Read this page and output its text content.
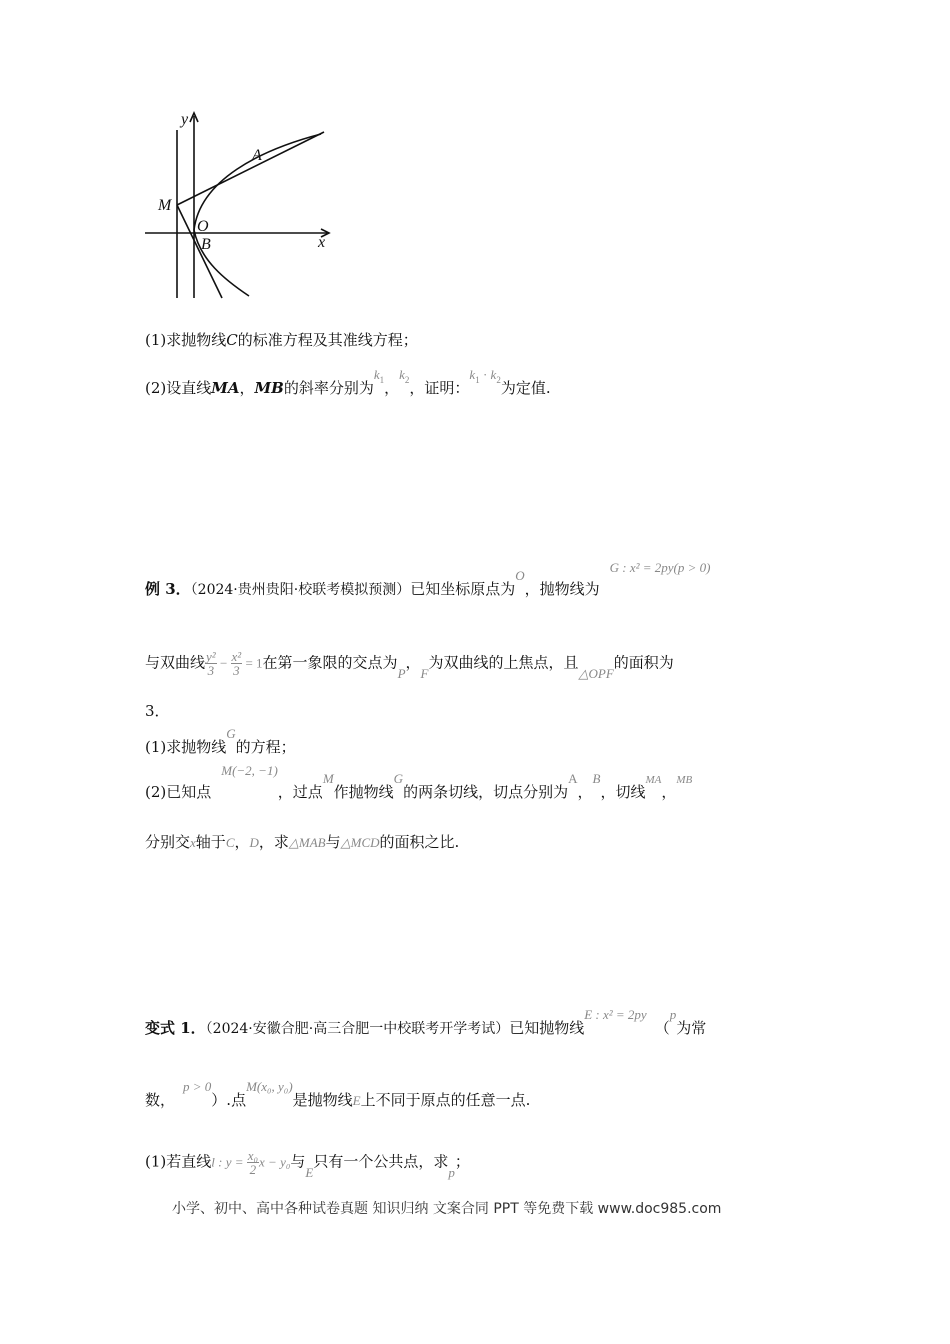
y
x
A
M
O
B
(1)求抛物线C的标准方程及其准线方程；
(2)设直线MA，MB的斜率分别为$k_1$，$k_2$，证明：$k_1 \cdot k_2$为定值.
例 3．（2024·贵州贵阳·校联考模拟预测）已知坐标原点为O，抛物线为G : x² = 2py(p > 0)
与双曲线 $\frac{\text{y²}}{3} - \frac{\text{x²}}{3} = 1$在第一象限的交点为P，F为双曲线的上焦点，且△OPF的面积为
3．
(1)求抛物线G的方程；
(2)已知点M(−2, −1)，过点M作抛物线G的两条切线，切点分别为A，B，切线$^{MA}$，$^{MB}$
分别交x轴于C，D，求△MAB与△MCD的面积之比.
变式 1．（2024·安徽合肥·高三合肥一中校联考开学考试）已知抛物线E : x² = 2py（p为常
数，p > 0）.点M(x₀, y₀)是抛物线E上不同于原点的任意一点.
(1)若直线l : $y = \frac{\text{x₀}}{2}$ x − y₀与E只有一个公共点，求p；
小学、初中、高中各种试卷真题 知识归纳 文案合同 PPT 等免费下载 www.doc985.com
